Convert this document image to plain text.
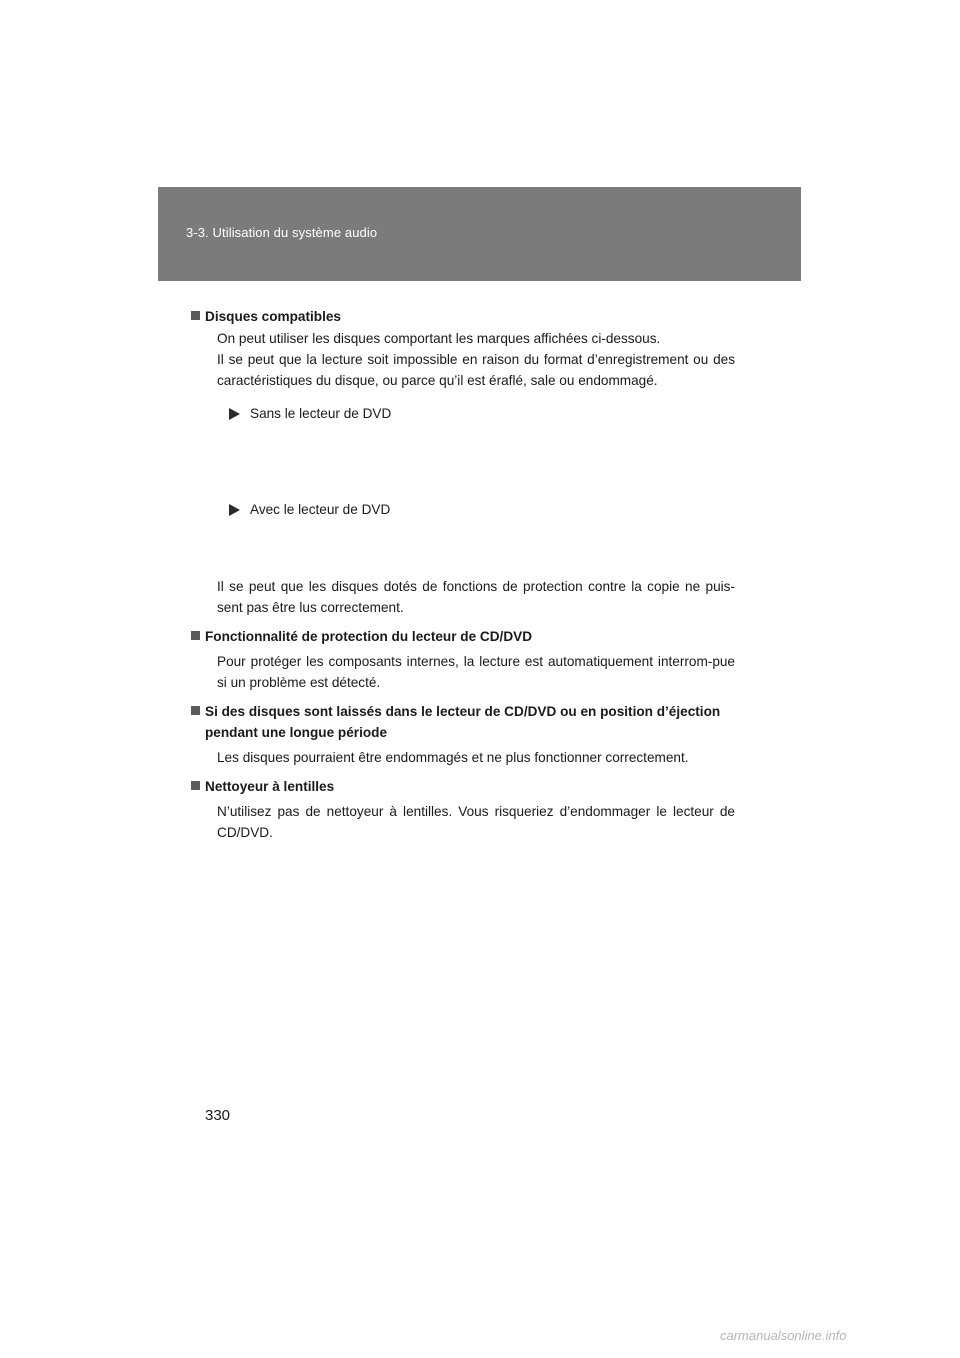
3-3. Utilisation du système audio
Disques compatibles
On peut utiliser les disques comportant les marques affichées ci-dessous.
Il se peut que la lecture soit impossible en raison du format d’enregistrement ou des caractéristiques du disque, ou parce qu’il est éraflé, sale ou endommagé.
Sans le lecteur de DVD
Avec le lecteur de DVD
Il se peut que les disques dotés de fonctions de protection contre la copie ne puis-sent pas être lus correctement.
Fonctionnalité de protection du lecteur de CD/DVD
Pour protéger les composants internes, la lecture est automatiquement interrom-pue si un problème est détecté.
Si des disques sont laissés dans le lecteur de CD/DVD ou en position d’éjection pendant une longue période
Les disques pourraient être endommagés et ne plus fonctionner correctement.
Nettoyeur à lentilles
N’utilisez pas de nettoyeur à lentilles. Vous risqueriez d’endommager le lecteur de CD/DVD.
330
carmanualsonline.info
